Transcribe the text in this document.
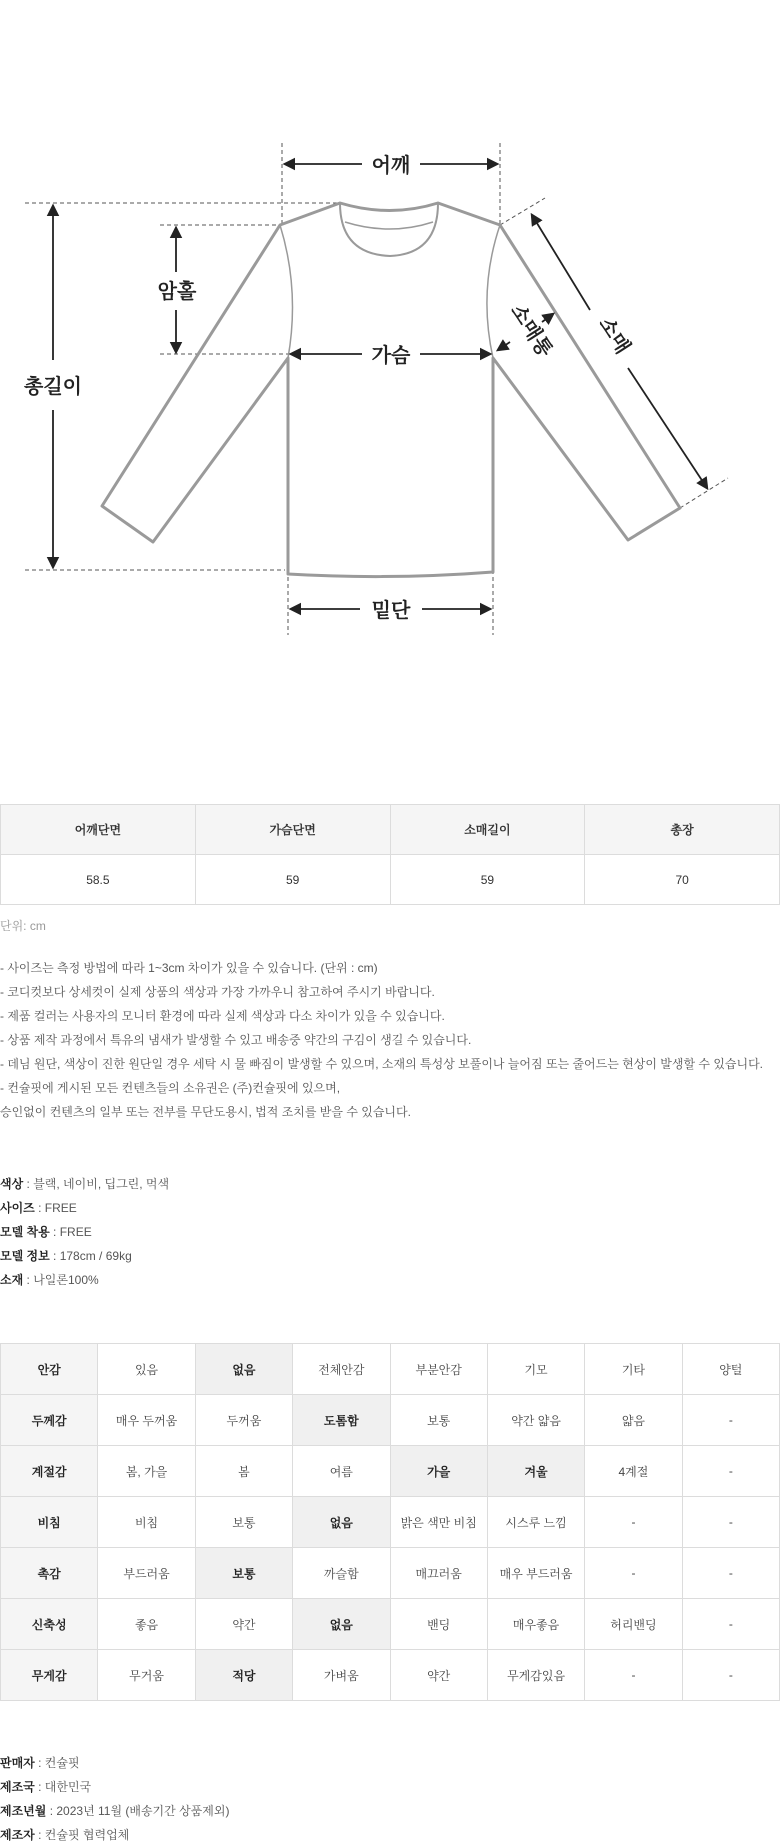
어깨
암홀
총길이
가슴
밑단
소매
소매통
어깨단면	가슴단면	소매길이	총장
58.5	59	59	70
단위: cm
- 사이즈는 측정 방법에 따라 1~3cm 차이가 있을 수 있습니다. (단위 : cm)
- 코디컷보다 상세컷이 실제 상품의 색상과 가장 가까우니 참고하여 주시기 바랍니다.
- 제품 컬러는 사용자의 모니터 환경에 따라 실제 색상과 다소 차이가 있을 수 있습니다.
- 상품 제작 과정에서 특유의 냄새가 발생할 수 있고 배송중 약간의 구김이 생길 수 있습니다.
- 데님 원단, 색상이 진한 원단일 경우 세탁 시 물 빠짐이 발생할 수 있으며, 소재의 특성상 보풀이나 늘어짐 또는 줄어드는 현상이 발생할 수 있습니다.
- 컨슐핏에 게시된 모든 컨텐츠들의 소유권은 (주)컨슐핏에 있으며,
승인없이 컨텐츠의 일부 또는 전부를 무단도용시, 법적 조치를 받을 수 있습니다.
색상 : 블랙, 네이비, 딥그린, 먹색
사이즈 : FREE
모델 착용 : FREE
모델 정보 : 178cm / 69kg
소재 : 나일론100%
안감	있음	없음	전체안감	부분안감	기모	기타	양털
두께감	매우 두꺼움	두꺼움	도톰함	보통	약간 얇음	얇음	-
계절감	봄, 가을	봄	여름	가을	겨울	4계절	-
비침	비침	보통	없음	밝은 색만 비침	시스루 느낌	-	-
촉감	부드러움	보통	까슬함	매끄러움	매우 부드러움	-	-
신축성	좋음	약간	없음	밴딩	매우좋음	허리밴딩	-
무게감	무거움	적당	가벼움	약간	무게감있음	-	-
판매자 : 컨슐핏
제조국 : 대한민국
제조년월 : 2023년 11월 (배송기간 상품제외)
제조자 : 컨슐핏 협력업체
